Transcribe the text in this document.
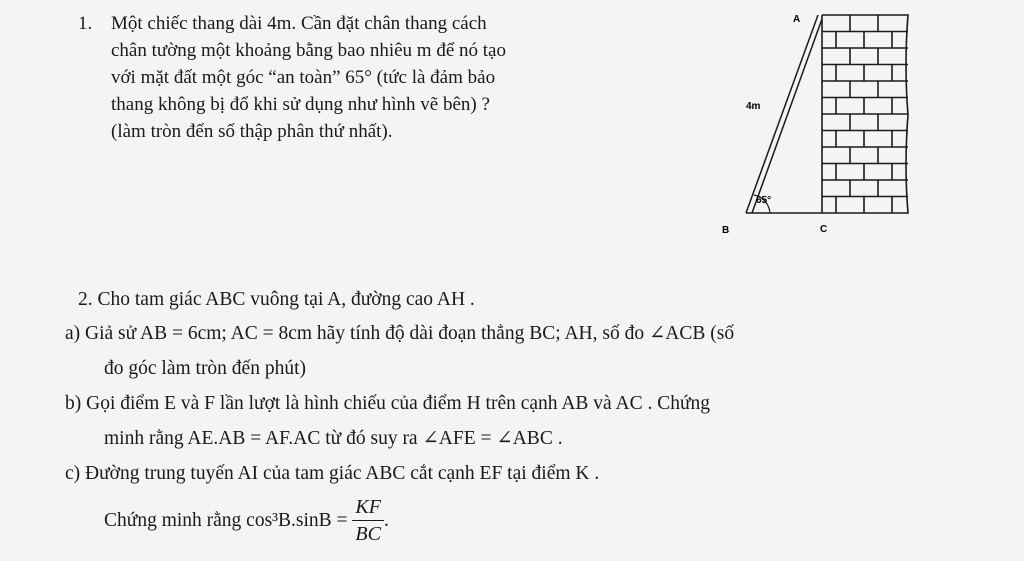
1. Một chiếc thang dài 4m. Cần đặt chân thang cách
chân tường một khoảng bằng bao nhiêu m để nó tạo
với mặt đất một góc “an toàn” 65° (tức là đảm bảo
thang không bị đổ khi sử dụng như hình vẽ bên) ?
(làm tròn đến số thập phân thứ nhất).
A
B	C
4m
65°
2. Cho tam giác ABC vuông tại A, đường cao AH .
a) Giả sử AB = 6cm; AC = 8cm hãy tính độ dài đoạn thẳng BC; AH, số đo ∠ACB (số
đo góc làm tròn đến phút)
b) Gọi điểm E và F lần lượt là hình chiếu của điểm H trên cạnh AB và AC . Chứng
minh rằng AE.AB = AF.AC từ đó suy ra ∠AFE = ∠ABC .
c) Đường trung tuyến AI của tam giác ABC cắt cạnh EF tại điểm K .
Chứng minh rằng $\cos^3B.\sin B = \frac{KF}{BC}$ .
